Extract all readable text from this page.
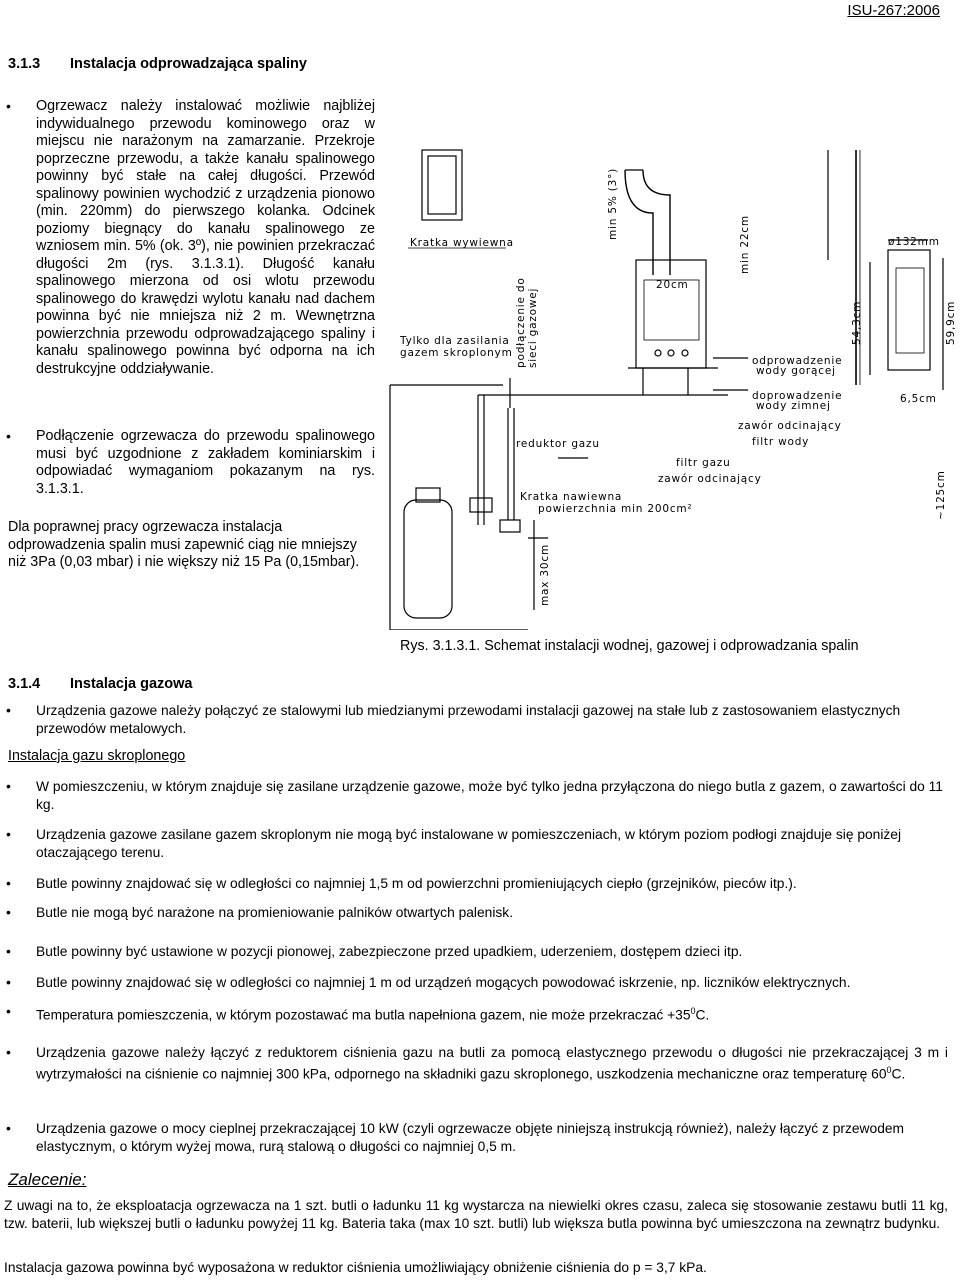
ISU-267:2006
3.1.3 Instalacja odprowadzająca spaliny

• Ogrzewacz należy instalować możliwie najbliżej indywidualnego przewodu kominowego oraz w miejscu nie narażonym na zamarzanie. Przekroje poprzeczne przewodu, a także kanału spalinowego powinny być stałe na całej długości. Przewód spalinowy powinien wychodzić z urządzenia pionowo (min. 220mm) do pierwszego kolanka. Odcinek poziomy biegnący do kanału spalinowego ze wzniosem min. 5% (ok. 3º), nie powinien przekraczać długości 2m (rys. 3.1.3.1). Długość kanału spalinowego mierzona od osi wlotu przewodu spalinowego do krawędzi wylotu kanału nad dachem powinna być nie mniejsza niż 2 m. Wewnętrzna powierzchnia przewodu odprowadzającego spaliny i kanału spalinowego powinna być odporna na ich destrukcyjne oddziaływanie.

• Podłączenie ogrzewacza do przewodu spalinowego musi być uzgodnione z zakładem kominiarskim i odpowiadać wymaganiom pokazanym na rys. 3.1.3.1.

Dla poprawnej pracy ogrzewacza instalacja odprowadzenia spalin musi zapewnić ciąg nie mniejszy niż 3Pa (0,03 mbar) i nie większy niż 15 Pa (0,15mbar).

Kratka wywiewna
Tylko dla zasilania
gazem skroplonym podłączenie do sieci gazowej
min 5% (3°)
min 22cm
20cm
ø132mm
54,3cm	59,9cm
6,5cm
odprowadzenie
wody gorącej
doprowadzenie
wody zimnej
zawór odcinający
filtr wody
reduktor gazu
filtr gazu
zawór odcinający
Kratka nawiewna
powierzchnia min 200cm²
max 30cm
~125cm
Rys. 3.1.3.1. Schemat instalacji wodnej, gazowej i odprowadzania spalin
3.1.4 Instalacja gazowa

• Urządzenia gazowe należy połączyć ze stalowymi lub miedzianymi przewodami instalacji gazowej na stałe lub z zastosowaniem elastycznych przewodów metalowych.

Instalacja gazu skroplonego

• W pomieszczeniu, w którym znajduje się zasilane urządzenie gazowe, może być tylko jedna przyłączona do niego butla z gazem, o zawartości do 11 kg.

• Urządzenia gazowe zasilane gazem skroplonym nie mogą być instalowane w pomieszczeniach, w którym poziom podłogi znajduje się poniżej otaczającego terenu.

• Butle powinny znajdować się w odległości co najmniej 1,5 m od powierzchni promieniujących ciepło (grzejników, pieców itp.).

• Butle nie mogą być narażone na promieniowanie palników otwartych palenisk.

• Butle powinny być ustawione w pozycji pionowej, zabezpieczone przed upadkiem, uderzeniem, dostępem dzieci itp.

• Butle powinny znajdować się w odległości co najmniej 1 m od urządzeń mogących powodować iskrzenie, np. liczników elektrycznych.

• Temperatura pomieszczenia, w którym pozostawać ma butla napełniona gazem, nie może przekraczać $+35^0C$.

• Urządzenia gazowe należy łączyć z reduktorem ciśnienia gazu na butli za pomocą elastycznego przewodu o długości nie przekraczającej 3 m i wytrzymałości na ciśnienie co najmniej 300 kPa, odpornego na składniki gazu skroplonego, uszkodzenia mechaniczne oraz temperaturę $60^0C$.

• Urządzenia gazowe o mocy cieplnej przekraczającej 10 kW (czyli ogrzewacze objęte niniejszą instrukcją również), należy łączyć z przewodem elastycznym, o którym wyżej mowa, rurą stalową o długości co najmniej 0,5 m.

Zalecenie:

Z uwagi na to, że eksploatacja ogrzewacza na 1 szt. butli o ładunku 11 kg wystarcza na niewielki okres czasu, zaleca się stosowanie zestawu butli 11 kg, tzw. baterii, lub większej butli o ładunku powyżej 11 kg. Bateria taka (max 10 szt. butli) lub większa butla powinna być umieszczona na zewnątrz budynku.

Instalacja gazowa powinna być wyposażona w reduktor ciśnienia umożliwiający obniżenie ciśnienia do p = 3,7 kPa.
